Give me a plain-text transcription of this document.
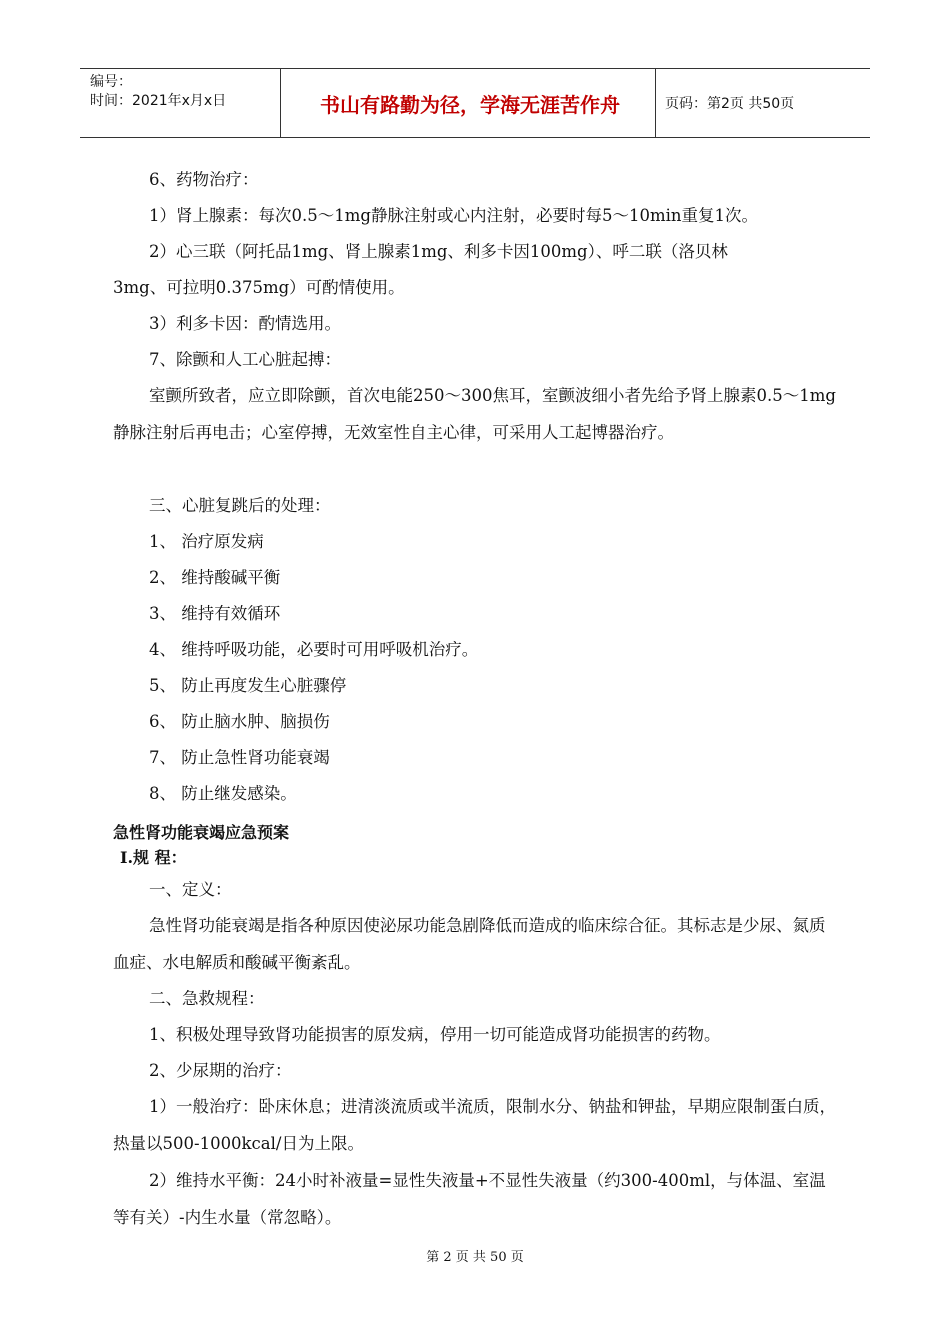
编号：
时间：2021年x月x日	书山有路勤为径，学海无涯苦作舟	页码：第2页 共50页
6、药物治疗：
1）肾上腺素：每次0.5～1mg静脉注射或心内注射，必要时每5～10min重复1次。
2）心三联（阿托品1mg、肾上腺素1mg、利多卡因100mg）、呼二联（洛贝林
3mg、可拉明0.375mg）可酌情使用。
3）利多卡因：酌情选用。
7、除颤和人工心脏起搏：
室颤所致者，应立即除颤，首次电能250～300焦耳，室颤波细小者先给予肾上腺素0.5～1mg静脉注射后再电击；心室停搏，无效室性自主心律，可采用人工起博器治疗。
三、心脏复跳后的处理：
1、 治疗原发病
2、 维持酸碱平衡
3、 维持有效循环
4、 维持呼吸功能，必要时可用呼吸机治疗。
5、 防止再度发生心脏骤停
6、 防止脑水肿、脑损伤
7、 防止急性肾功能衰竭
8、 防止继发感染。
急性肾功能衰竭应急预案
I.规 程：
一、定义：
急性肾功能衰竭是指各种原因使泌尿功能急剧降低而造成的临床综合征。其标志是少尿、氮质血症、水电解质和酸碱平衡紊乱。
二、急救规程：
1、积极处理导致肾功能损害的原发病，停用一切可能造成肾功能损害的药物。
2、少尿期的治疗：
1）一般治疗：卧床休息；进清淡流质或半流质，限制水分、钠盐和钾盐，早期应限制蛋白质，热量以500-1000kcal/日为上限。
2）维持水平衡：24小时补液量=显性失液量+不显性失液量（约300-400ml，与体温、室温等有关）-内生水量（常忽略）。
第 2 页 共 50 页
